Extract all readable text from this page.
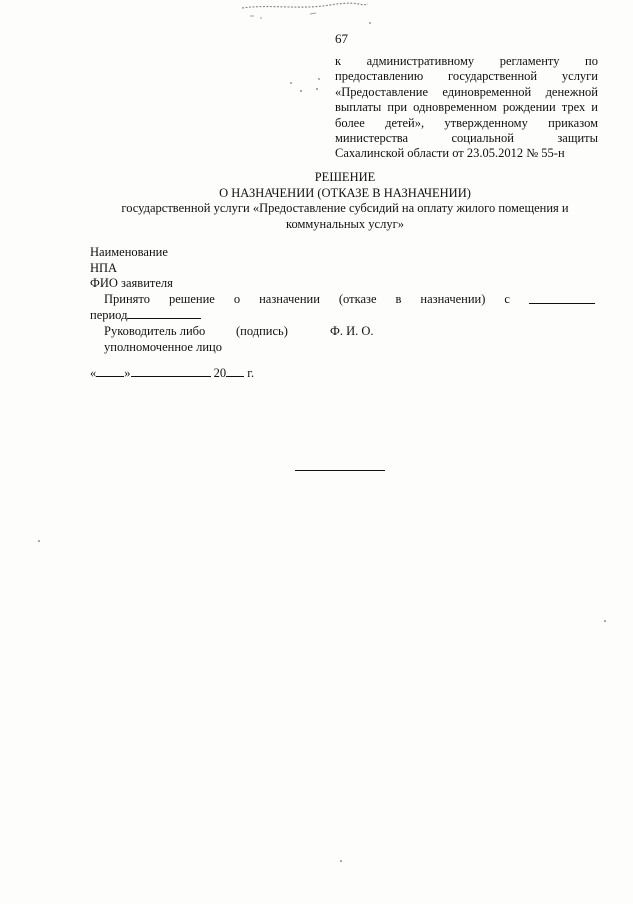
67
к административному регламенту по
предоставлению государственной услуги
«Предоставление единовременной денежной
выплаты при одновременном рождении трех и
более детей», утвержденному приказом
министерства социальной защиты
Сахалинской области от 23.05.2012 № 55-н
РЕШЕНИЕ
О НАЗНАЧЕНИИ (ОТКАЗЕ В НАЗНАЧЕНИИ)
государственной услуги «Предоставление субсидий на оплату жилого помещения и
коммунальных услуг»
Наименование
НПА
ФИО заявителя
Принято решение о назначении (отказе в назначении) с
период
Руководитель либо (подпись)	Ф. И. О.
уполномоченное лицо
« »	20 г.
